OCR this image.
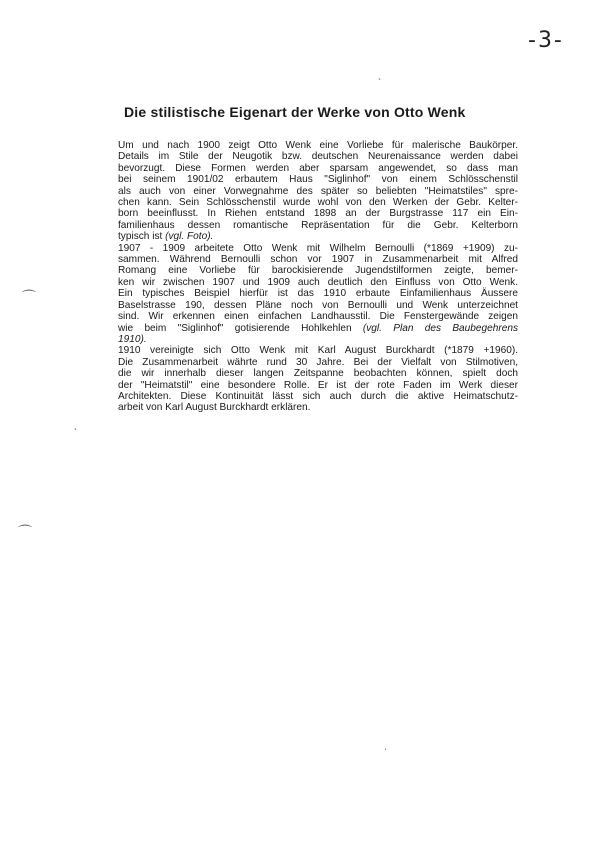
-3-
Die stilistische Eigenart der Werke von Otto Wenk

Um und nach 1900 zeigt Otto Wenk eine Vorliebe für malerische Baukörper.
Details im Stile der Neugotik bzw. deutschen Neurenaissance werden dabei
bevorzugt. Diese Formen werden aber sparsam angewendet, so dass man
bei seinem 1901/02 erbautem Haus "Siglinhof" von einem Schlösschenstil
als auch von einer Vorwegnahme des später so beliebten "Heimatstiles" spre-
chen kann. Sein Schlösschenstil wurde wohl von den Werken der Gebr. Kelter-
born beeinflusst. In Riehen entstand 1898 an der Burgstrasse 117 ein Ein-
familienhaus dessen romantische Repräsentation für die Gebr. Kelterborn
typisch ist (vgl. Foto).

1907 - 1909 arbeitete Otto Wenk mit Wilhelm Bernoulli (*1869 +1909) zu-
sammen. Während Bernoulli schon vor 1907 in Zusammenarbeit mit Alfred
Romang eine Vorliebe für barockisierende Jugendstilformen zeigte, bemer-
ken wir zwischen 1907 und 1909 auch deutlich den Einfluss von Otto Wenk.
Ein typisches Beispiel hierfür ist das 1910 erbaute Einfamilienhaus Äussere
Baselstrasse 190, dessen Pläne noch von Bernoulli und Wenk unterzeichnet
sind. Wir erkennen einen einfachen Landhausstil. Die Fenstergewände zeigen
wie beim "Siglinhof" gotisierende Hohlkehlen (vgl. Plan des Baubegehrens
1910).

1910 vereinigte sich Otto Wenk mit Karl August Burckhardt (*1879 +1960).
Die Zusammenarbeit währte rund 30 Jahre. Bei der Vielfalt von Stilmotiven,
die wir innerhalb dieser langen Zeitspanne beobachten können, spielt doch
der "Heimatstil" eine besondere Rolle. Er ist der rote Faden im Werk dieser
Architekten. Diese Kontinuität lässt sich auch durch die aktive Heimatschutz-
arbeit von Karl August Burckhardt erklären.

ˋ
⌒
⌒
ˎ
ˌ
